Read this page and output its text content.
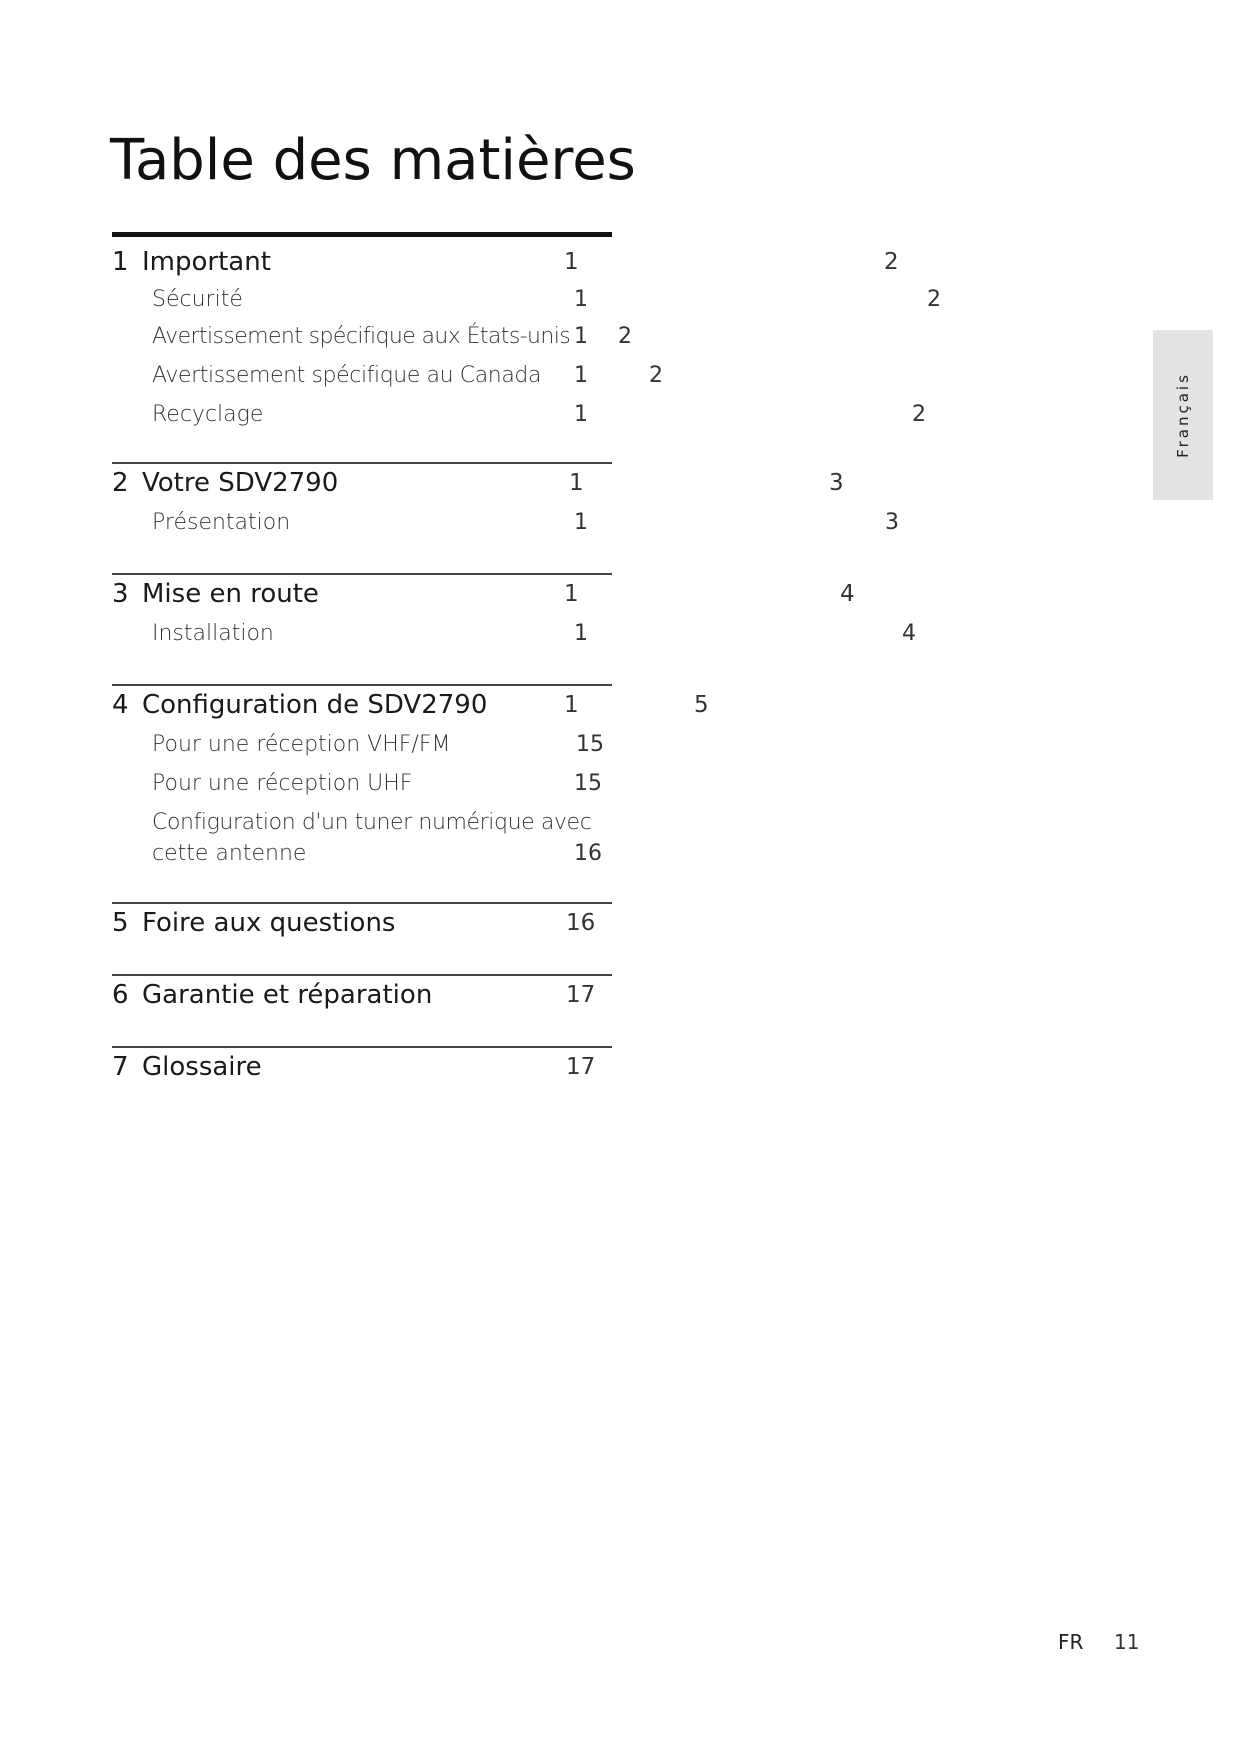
Table des matières
1 Important	1	2
Sécurité	1	2
Avertissement spécifique aux États-unis 1 2
Avertissement spécifique au Canada 1	2
Recyclage	1	2
2 Votre SDV2790	1	3
Présentation	1	3
3 Mise en route	1	4
Installation	1	4
4 Configuration de SDV2790	1	5
Pour une réception VHF/FM	15
Pour une réception UHF	15
Configuration d'un tuner numérique avec
cette antenne	16
5 Foire aux questions	16
6 Garantie et réparation	17
7 Glossaire	17
Français
FR 11
